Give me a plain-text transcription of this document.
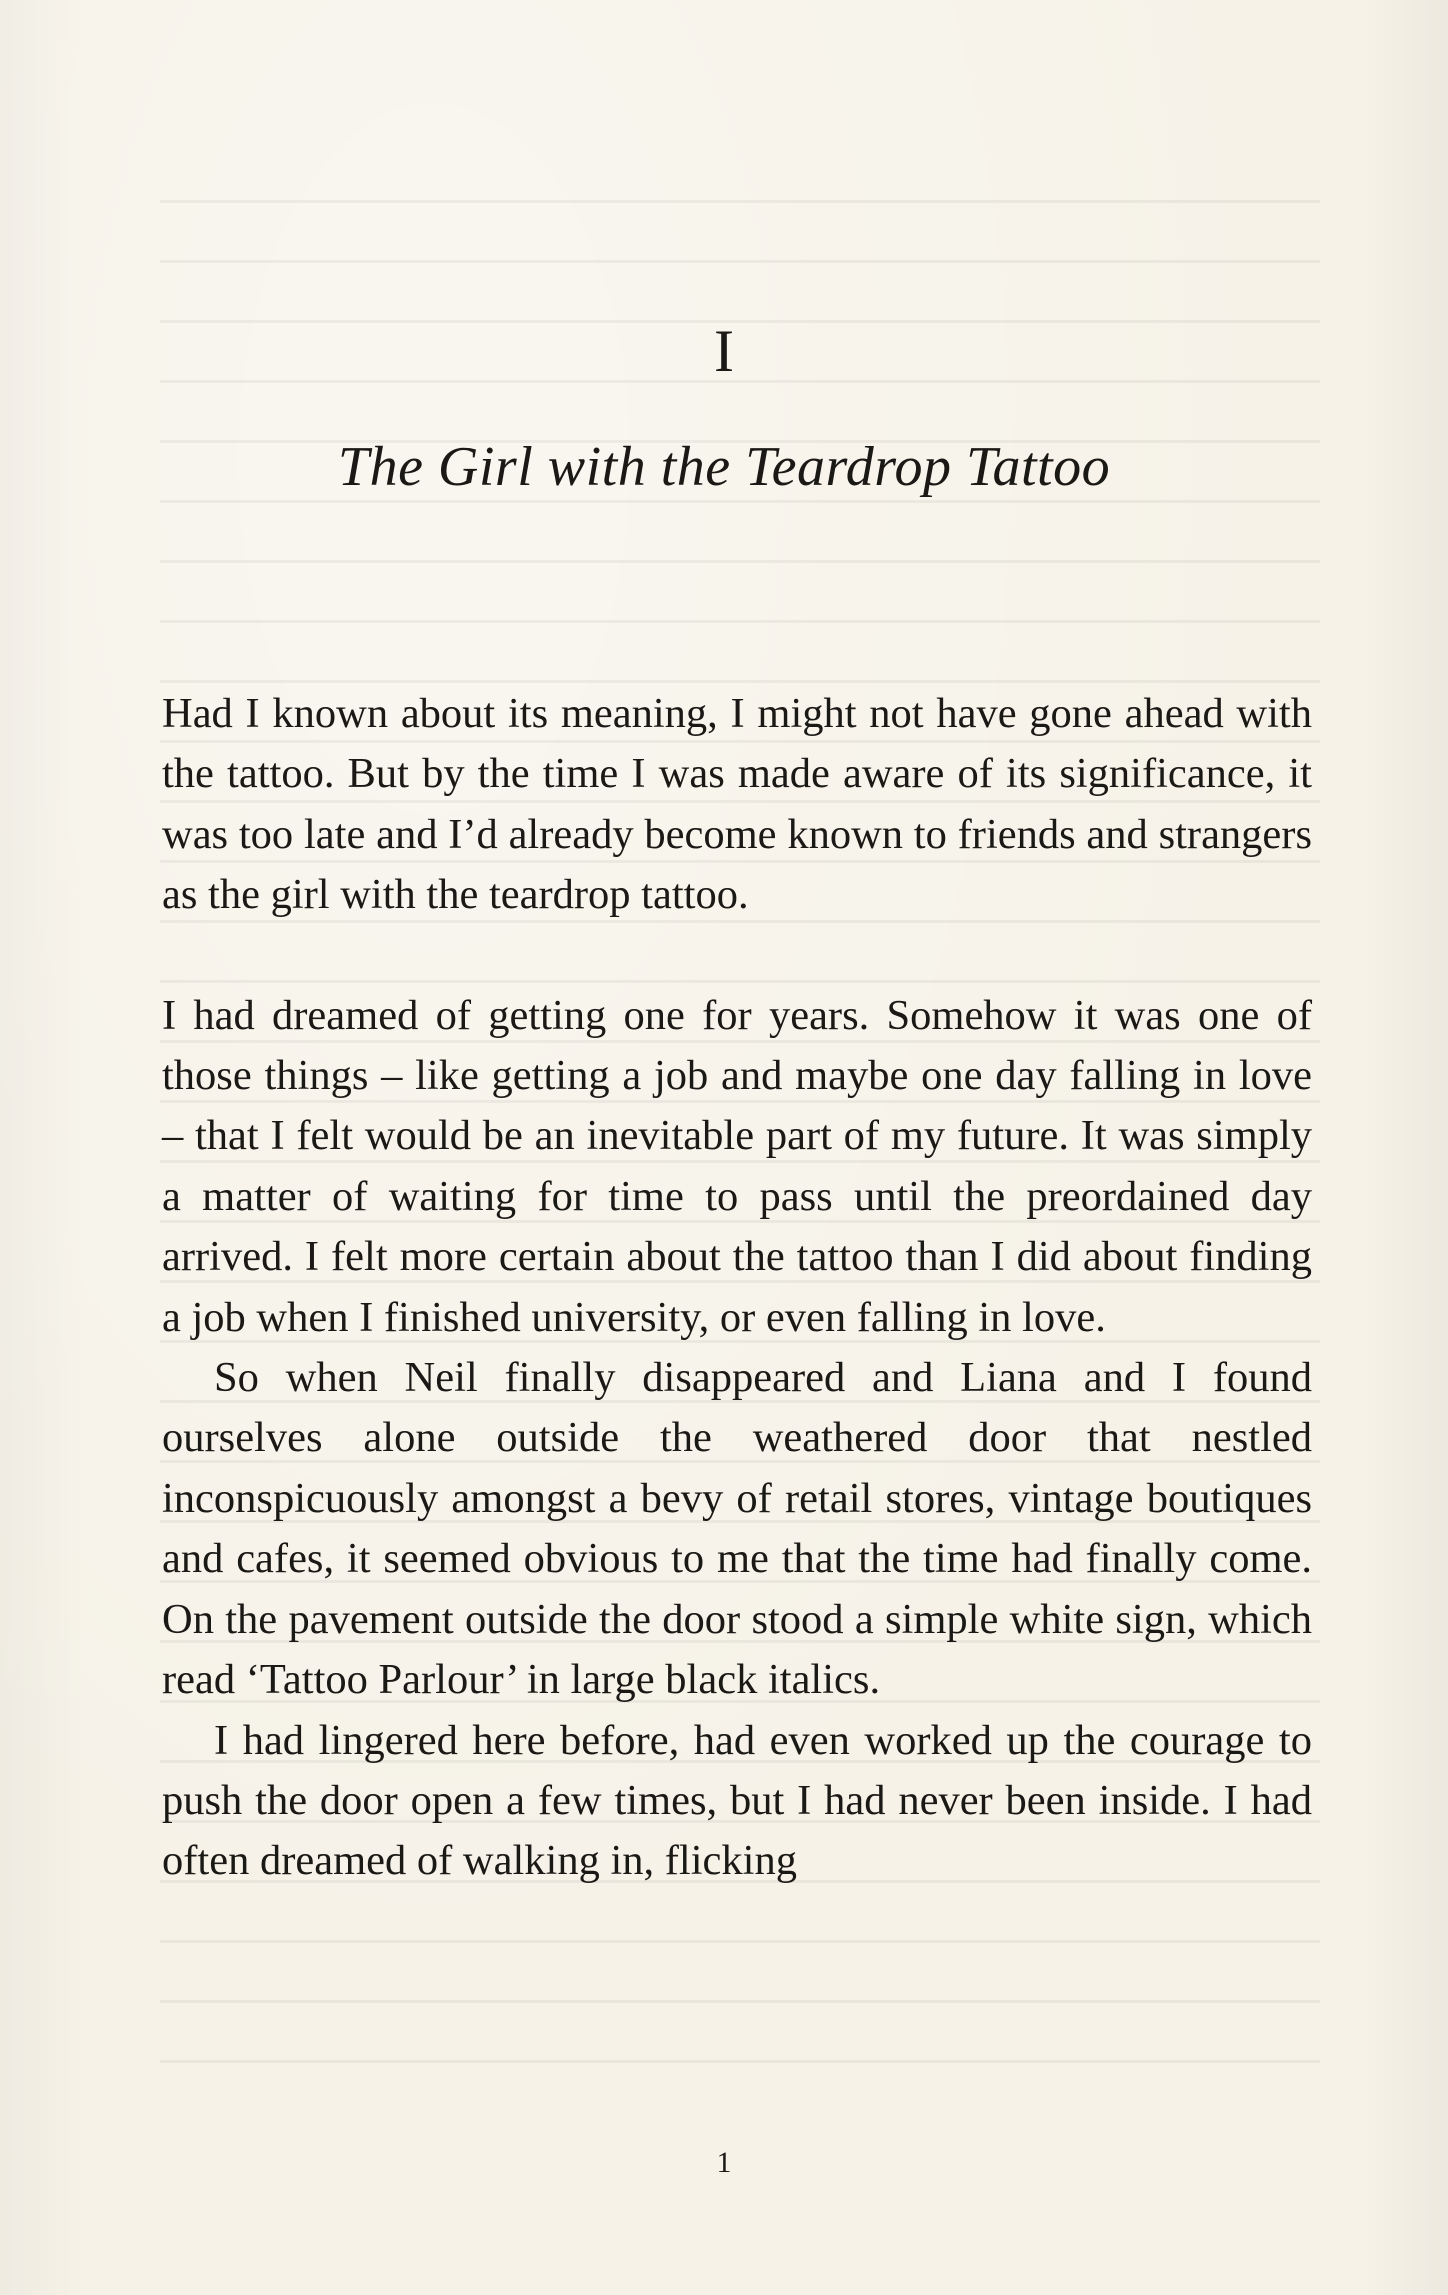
I
The Girl with the Teardrop Tattoo

Had I known about its meaning, I might not have gone ahead with the tattoo. But by the time I was made aware of its significance, it was too late and I’d already become known to friends and strangers as the girl with the teardrop tattoo.

I had dreamed of getting one for years. Somehow it was one of those things – like getting a job and maybe one day falling in love – that I felt would be an inevitable part of my future. It was simply a matter of waiting for time to pass until the preordained day arrived. I felt more certain about the tattoo than I did about finding a job when I finished university, or even falling in love.

So when Neil finally disappeared and Liana and I found ourselves alone outside the weathered door that nestled inconspicuously amongst a bevy of retail stores, vintage boutiques and cafes, it seemed obvious to me that the time had finally come. On the pavement outside the door stood a simple white sign, which read ‘Tattoo Parlour’ in large black italics.

I had lingered here before, had even worked up the courage to push the door open a few times, but I had never been inside. I had often dreamed of walking in, flicking

1
